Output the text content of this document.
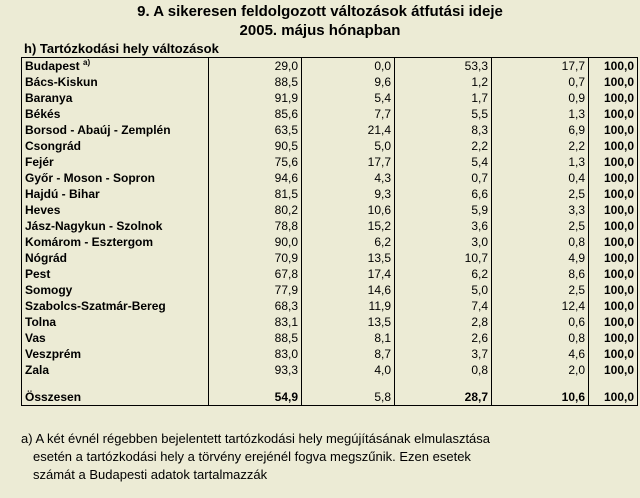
9. A sikeresen feldolgozott változások átfutási ideje
2005. május hónapban
h) Tartózkodási hely változások
Budapest $^{a)}$	29,0	0,0	53,3	17,7	100,0
Bács-Kiskun	88,5	9,6	1,2	0,7	100,0
Baranya	91,9	5,4	1,7	0,9	100,0
Békés	85,6	7,7	5,5	1,3	100,0
Borsod - Abaúj - Zemplén	63,5	21,4	8,3	6,9	100,0
Csongrád	90,5	5,0	2,2	2,2	100,0
Fejér	75,6	17,7	5,4	1,3	100,0
Győr - Moson - Sopron	94,6	4,3	0,7	0,4	100,0
Hajdú - Bihar	81,5	9,3	6,6	2,5	100,0
Heves	80,2	10,6	5,9	3,3	100,0
Jász-Nagykun - Szolnok	78,8	15,2	3,6	2,5	100,0
Komárom - Esztergom	90,0	6,2	3,0	0,8	100,0
Nógrád	70,9	13,5	10,7	4,9	100,0
Pest	67,8	17,4	6,2	8,6	100,0
Somogy	77,9	14,6	5,0	2,5	100,0
Szabolcs-Szatmár-Bereg	68,3	11,9	7,4	12,4	100,0
Tolna	83,1	13,5	2,8	0,6	100,0
Vas	88,5	8,1	2,6	0,8	100,0
Veszprém	83,0	8,7	3,7	4,6	100,0
Zala	93,3	4,0	0,8	2,0	100,0

Összesen	54,9	5,8	28,7	10,6	100,0
a) A két évnél régebben bejelentett tartózkodási hely megújításának elmulasztása
esetén a tartózkodási hely a törvény erejénél fogva megszűnik. Ezen esetek
számát a Budapesti adatok tartalmazzák
